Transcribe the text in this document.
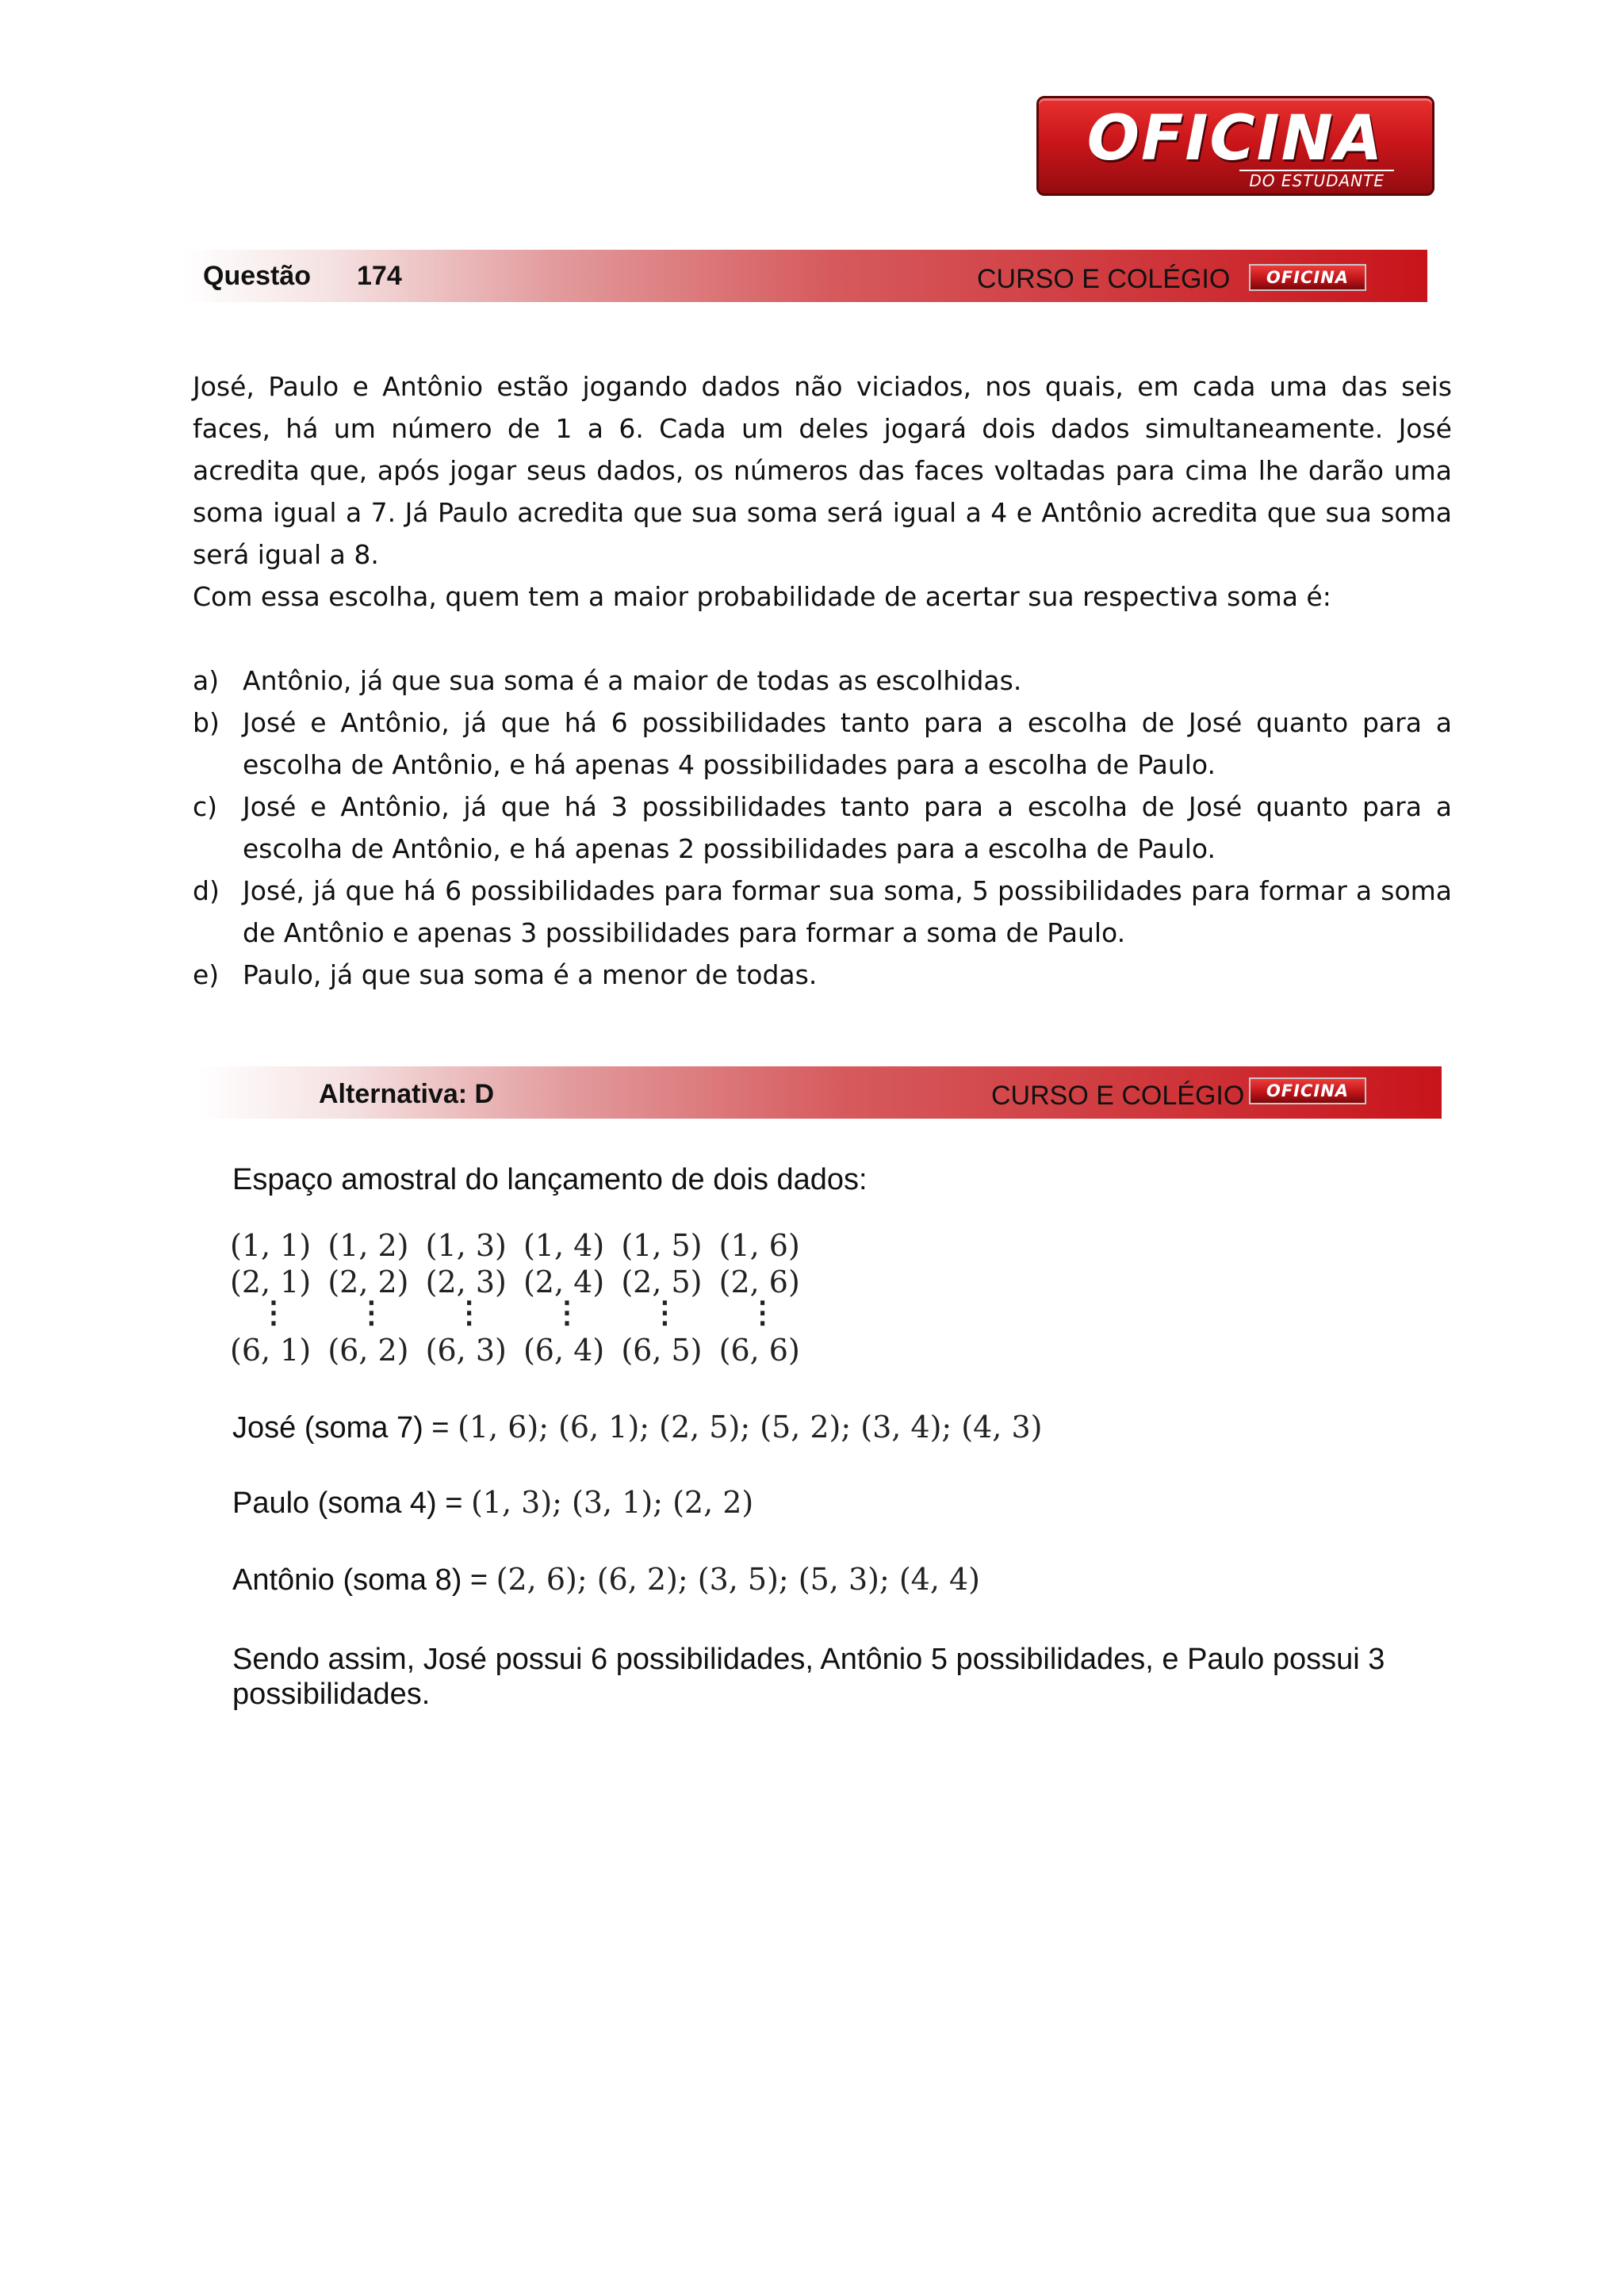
OFICINA
DO ESTUDANTE
Questão 174	CURSO E COLÉGIO	OFICINA
José, Paulo e Antônio estão jogando dados não viciados, nos quais, em cada uma das seis faces, há um número de 1 a 6. Cada um deles jogará dois dados simultaneamente. José acredita que, após jogar seus dados, os números das faces voltadas para cima lhe darão uma soma igual a 7. Já Paulo acredita que sua soma será igual a 4 e Antônio acredita que sua soma será igual a 8.
Com essa escolha, quem tem a maior probabilidade de acertar sua respectiva soma é:
a) Antônio, já que sua soma é a maior de todas as escolhidas.
b) José e Antônio, já que há 6 possibilidades tanto para a escolha de José quanto para a escolha de Antônio, e há apenas 4 possibilidades para a escolha de Paulo.
c) José e Antônio, já que há 3 possibilidades tanto para a escolha de José quanto para a escolha de Antônio, e há apenas 2 possibilidades para a escolha de Paulo.
d) José, já que há 6 possibilidades para formar sua soma, 5 possibilidades para formar a soma de Antônio e apenas 3 possibilidades para formar a soma de Paulo.
e) Paulo, já que sua soma é a menor de todas.
Alternativa: D	CURSO E COLÉGIO	OFICINA
Espaço amostral do lançamento de dois dados:
(1, 1) (1, 2) (1, 3) (1, 4) (1, 5) (1, 6)
(2, 1) (2, 2) (2, 3) (2, 4) (2, 5) (2, 6)
⋮	⋮	⋮	⋮	⋮	⋮
(6, 1) (6, 2) (6, 3) (6, 4) (6, 5) (6, 6)
José (soma 7) = (1, 6); (6, 1); (2, 5); (5, 2); (3, 4); (4, 3)
Paulo (soma 4) = (1, 3); (3, 1); (2, 2)
Antônio (soma 8) = (2, 6); (6, 2); (3, 5); (5, 3); (4, 4)
Sendo assim, José possui 6 possibilidades, Antônio 5 possibilidades, e Paulo possui 3 possibilidades.
